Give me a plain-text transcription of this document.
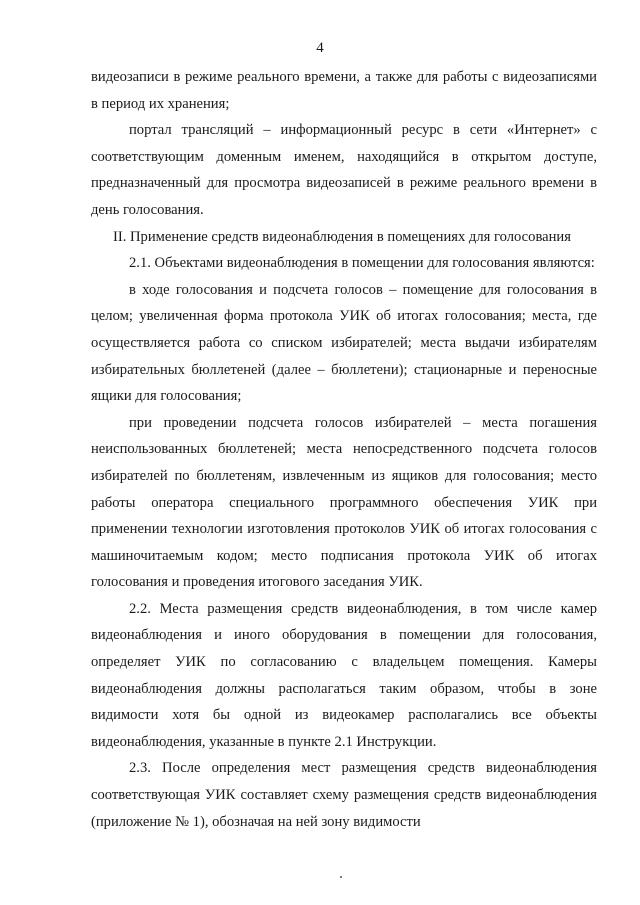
4

видеозаписи в режиме реального времени, а также для работы с видеозаписями в период их хранения;

портал трансляций – информационный ресурс в сети «Интернет» с соответствующим доменным именем, находящийся в открытом доступе, предназначенный для просмотра видеозаписей в режиме реального времени в день голосования.

II. Применение средств видеонаблюдения в помещениях для голосования

2.1. Объектами видеонаблюдения в помещении для голосования являются:

в ходе голосования и подсчета голосов – помещение для голосования в целом; увеличенная форма протокола УИК об итогах голосования; места, где осуществляется работа со списком избирателей; места выдачи избирателям избирательных бюллетеней (далее – бюллетени); стационарные и переносные ящики для голосования;

при проведении подсчета голосов избирателей – места погашения неиспользованных бюллетеней; места непосредственного подсчета голосов избирателей по бюллетеням, извлеченным из ящиков для голосования; место работы оператора специального программного обеспечения УИК при применении технологии изготовления протоколов УИК об итогах голосования с машиночитаемым кодом; место подписания протокола УИК об итогах голосования и проведения итогового заседания УИК.

2.2. Места размещения средств видеонаблюдения, в том числе камер видеонаблюдения и иного оборудования в помещении для голосования, определяет УИК по согласованию с владельцем помещения. Камеры видеонаблюдения должны располагаться таким образом, чтобы в зоне видимости хотя бы одной из видеокамер располагались все объекты видеонаблюдения, указанные в пункте 2.1 Инструкции.

2.3. После определения мест размещения средств видеонаблюдения соответствующая УИК составляет схему размещения средств видеонаблюдения (приложение № 1), обозначая на ней зону видимости
